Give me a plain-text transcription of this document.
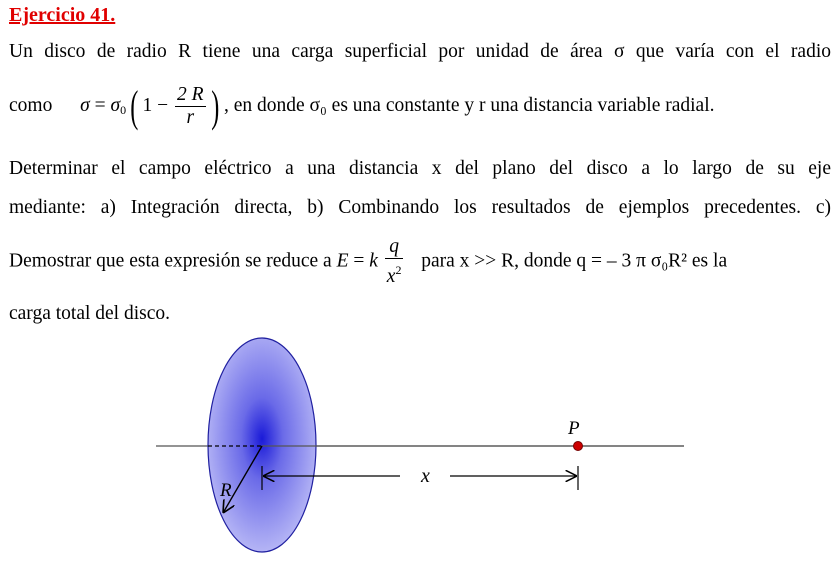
Ejercicio 41.
Un disco de radio R tiene una carga superficial por unidad de área σ que varía con el radio
como $\sigma = \sigma_0$ ( $1 - \frac{2 R}{r}$ ) , en donde σ₀ es una constante y r una distancia variable radial.
Determinar el campo eléctrico a una distancia x del plano del disco a lo largo de su eje
mediante: a) Integración directa, b) Combinando los resultados de ejemplos precedentes. c)
Demostrar que esta expresión se reduce a E = k $\frac{q}{x^2}$ para x >> R, donde q = – 3 π σ₀R² es la
carga total del disco.
R
x
P
